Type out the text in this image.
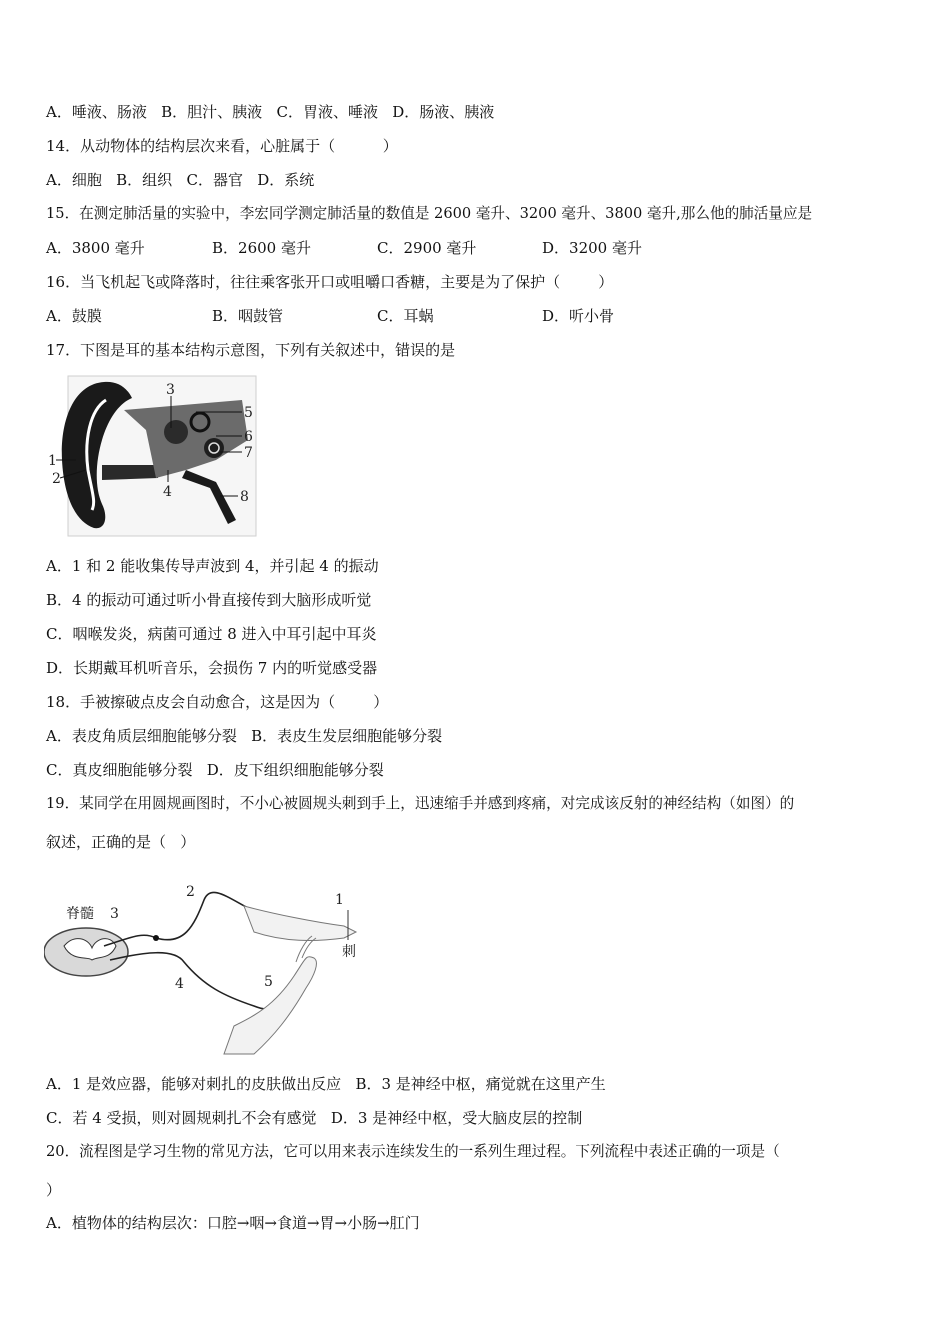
A．唾液、肠液   B．胆汁、胰液   C．胃液、唾液   D．肠液、胰液
14．从动物体的结构层次来看，心脏属于（          ）
A．细胞   B．组织   C．器官   D．系统
15．在测定肺活量的实验中，李宏同学测定肺活量的数值是 2600 毫升、3200 毫升、3800 毫升,那么他的肺活量应是
A．3800 毫升	B．2600 毫升	C．2900 毫升	D．3200 毫升
16．当飞机起飞或降落时，往往乘客张开口或咀嚼口香糖，主要是为了保护（        ）
A．鼓膜	B．咽鼓管	C．耳蜗	D．听小骨
17．下图是耳的基本结构示意图，下列有关叙述中，错误的是
1
2
3
4
5
6
7
8
A．1 和 2 能收集传导声波到 4，并引起 4 的振动
B．4 的振动可通过听小骨直接传到大脑形成听觉
C．咽喉发炎，病菌可通过 8 进入中耳引起中耳炎
D．长期戴耳机听音乐，会损伤 7 内的听觉感受器
18．手被擦破点皮会自动愈合，这是因为（        ）
A．表皮角质层细胞能够分裂   B．表皮生发层细胞能够分裂
C．真皮细胞能够分裂   D．皮下组织细胞能够分裂
19．某同学在用圆规画图时，不小心被圆规头刺到手上，迅速缩手并感到疼痛，对完成该反射的神经结构（如图）的
叙述，正确的是（   ）
脊髓 3
2	1
4	5
刺
A．1 是效应器，能够对刺扎的皮肤做出反应   B．3 是神经中枢，痛觉就在这里产生
C．若 4 受损，则对圆规刺扎不会有感觉   D．3 是神经中枢，受大脑皮层的控制
20．流程图是学习生物的常见方法，它可以用来表示连续发生的一系列生理过程。下列流程中表述正确的一项是（
）
A．植物体的结构层次：口腔→咽→食道→胃→小肠→肛门
